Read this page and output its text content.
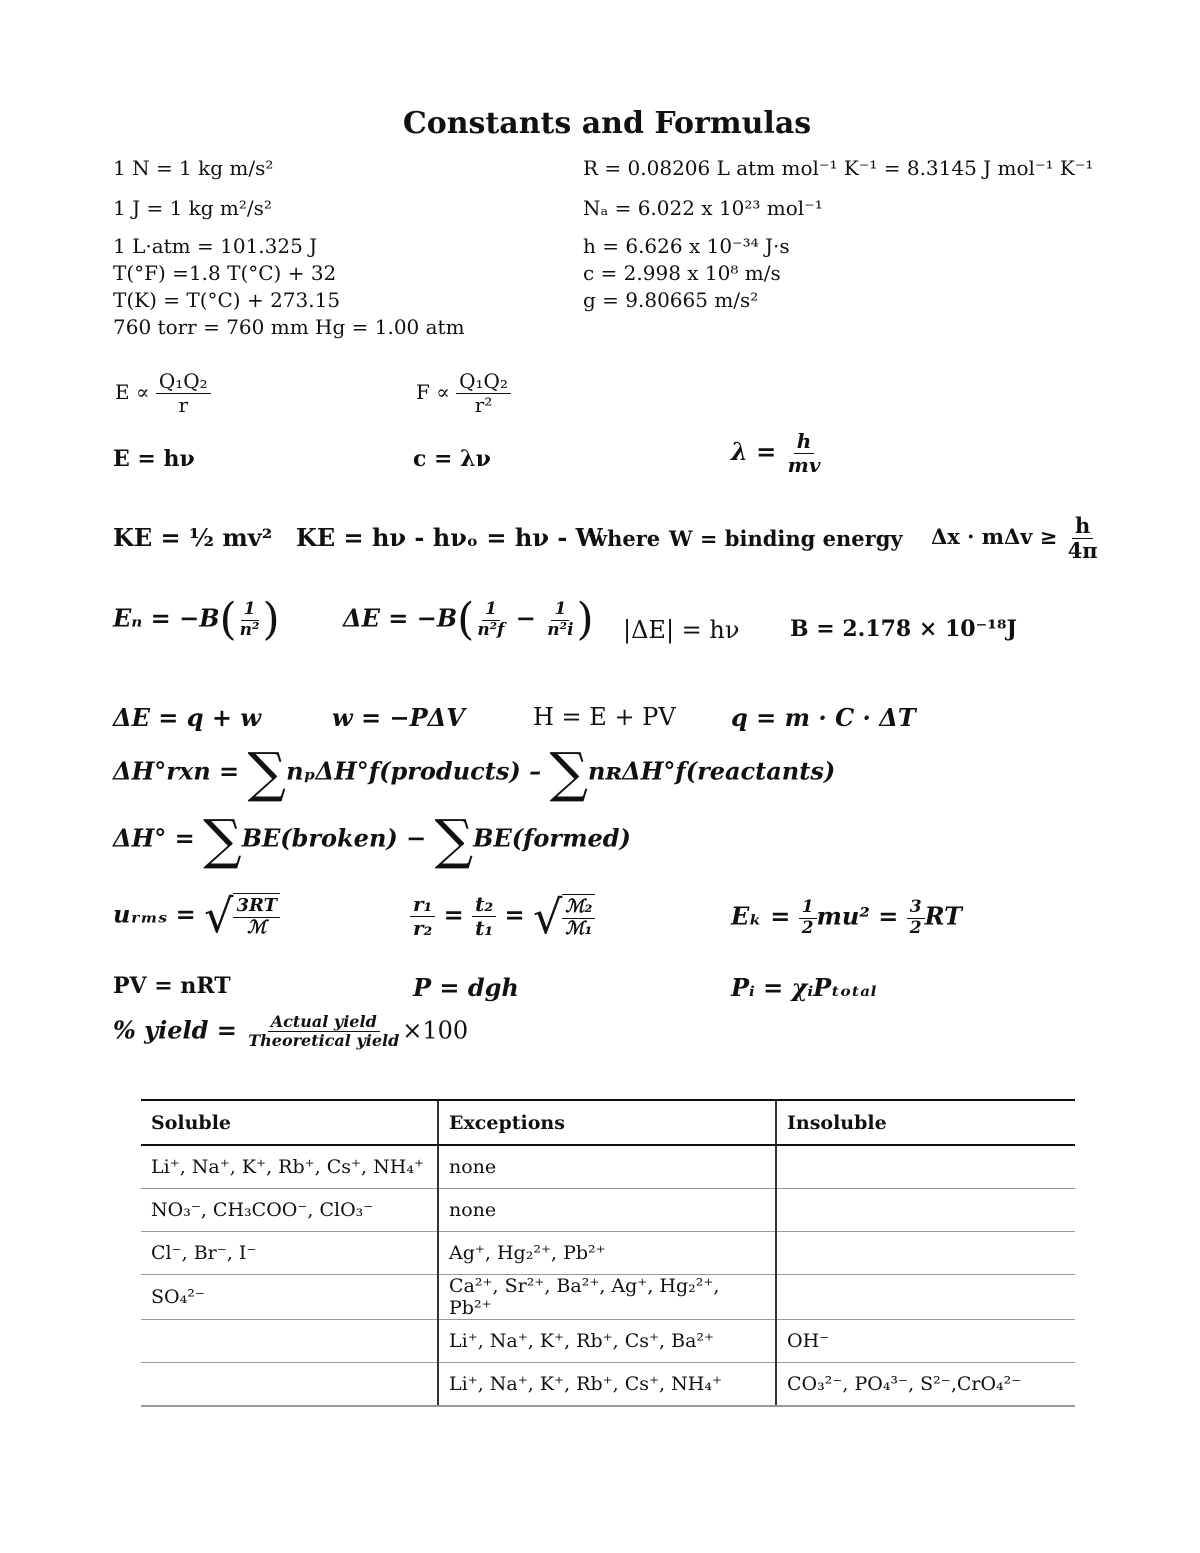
Constants and Formulas
1 N = 1 kg m/s²
1 J = 1 kg m²/s²
1 L·atm = 101.325 J
T(°F) =1.8 T(°C) + 32
T(K) = T(°C) + 273.15
760 torr = 760 mm Hg = 1.00 atm
R = 0.08206 L atm mol⁻¹ K⁻¹ = 8.3145 J mol⁻¹ K⁻¹
Nₐ = 6.022 x 10²³ mol⁻¹
h = 6.626 x 10⁻³⁴ J·s
c = 2.998 x 10⁸ m/s
g = 9.80665 m/s²
$E \propto \frac{\text{Q₁Q₂}}{r}$	$F \propto \frac{\text{Q₁Q₂}}{\text{r²}}$
E = hν	c = λν	$\lambda = \frac{h}{mv}$
KE = ½ mv² KE = hν - hνₒ = hν - W
where W = binding energy $\Delta x \cdot m\Delta v \ge \frac{h}{4\pi}$
$E_n = -B( \frac{1}{\text{n²}}$ )	$\Delta E = -B( \frac{1}{\text{n²f}} - \frac{1}{\text{n²i}}$ ) |ΔE| = hν B = 2.178 × 10⁻¹⁸J
ΔE = q + w	w = −PΔV	H = E + PV q = m · C · ΔT
ΔH°rxn = ∑nₚΔH°f(products) – ∑nʀΔH°f(reactants)
ΔH° = ∑BE(broken) − ∑BE(formed)
uᵣₘₛ = √ $\frac{3RT}{\text{ℳ}}$	$\frac{\text{r₁}}{\text{r₂}} = \frac{\text{t₂}}{\text{t₁}}$ = √ $\frac{\text{ℳ₂}}{\text{ℳ₁}}$	$E_k = \frac{1}{2} mu^2 = \frac{3}{2}$ RT
PV = nRT	P = dgh	Pᵢ = χᵢPₜₒₜₐₗ
% yield = $\frac{\text{Actual yield}}{\text{Theoretical yield}} \times 100$
Soluble	Exceptions	Insoluble
Li⁺, Na⁺, K⁺, Rb⁺, Cs⁺, NH₄⁺	none	
NO₃⁻, CH₃COO⁻, ClO₃⁻	none	
Cl⁻, Br⁻, I⁻	Ag⁺, Hg₂²⁺, Pb²⁺	
SO₄²⁻	Ca²⁺, Sr²⁺, Ba²⁺, Ag⁺, Hg₂²⁺, Pb²⁺	
	Li⁺, Na⁺, K⁺, Rb⁺, Cs⁺, Ba²⁺	OH⁻
	Li⁺, Na⁺, K⁺, Rb⁺, Cs⁺, NH₄⁺	CO₃²⁻, PO₄³⁻, S²⁻,CrO₄²⁻
